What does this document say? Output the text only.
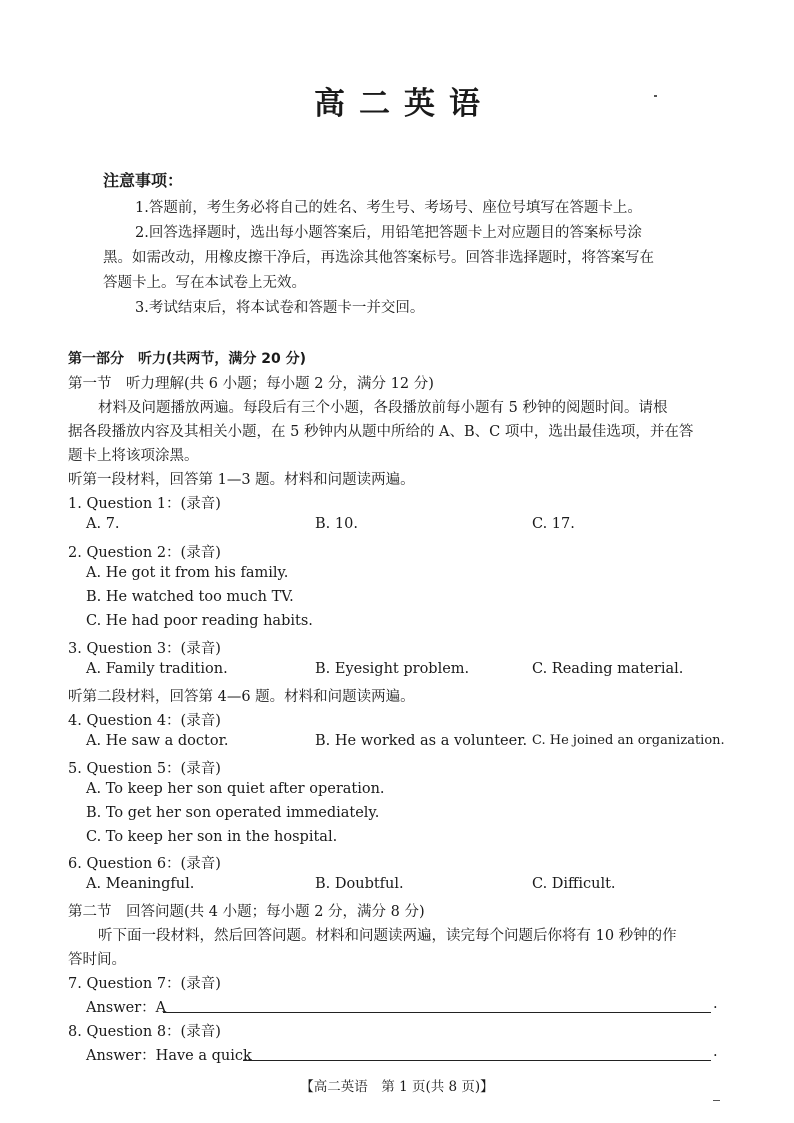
高二英语
注意事项：
1.答题前，考生务必将自己的姓名、考生号、考场号、座位号填写在答题卡上。
2.回答选择题时，选出每小题答案后，用铅笔把答题卡上对应题目的答案标号涂
黑。如需改动，用橡皮擦干净后，再选涂其他答案标号。回答非选择题时，将答案写在
答题卡上。写在本试卷上无效。
3.考试结束后，将本试卷和答题卡一并交回。
第一部分　听力(共两节，满分 20 分)
第一节　听力理解(共 6 小题；每小题 2 分，满分 12 分)
材料及问题播放两遍。每段后有三个小题，各段播放前每小题有 5 秒钟的阅题时间。请根
据各段播放内容及其相关小题，在 5 秒钟内从题中所给的 A、B、C 项中，选出最佳选项，并在答
题卡上将该项涂黑。
听第一段材料，回答第 1—3 题。材料和问题读两遍。
1. Question 1：(录音)
A. 7.	B. 10.	C. 17.
2. Question 2：(录音)
A. He got it from his family.
B. He watched too much TV.
C. He had poor reading habits.
3. Question 3：(录音)
A. Family tradition.	B. Eyesight problem.	C. Reading material.
听第二段材料，回答第 4—6 题。材料和问题读两遍。
4. Question 4：(录音)
A. He saw a doctor.	B. He worked as a volunteer. C. He joined an organization.
5. Question 5：(录音)
A. To keep her son quiet after operation.
B. To get her son operated immediately.
C. To keep her son in the hospital.
6. Question 6：(录音)
A. Meaningful.	B. Doubtful.	C. Difficult.
第二节　回答问题(共 4 小题；每小题 2 分，满分 8 分)
听下面一段材料，然后回答问题。材料和问题读两遍，读完每个问题后你将有 10 秒钟的作
答时间。
7. Question 7：(录音)
Answer：A	.
8. Question 8：(录音)
Answer：Have a quick	.
【高二英语　第 1 页(共 8 页)】
